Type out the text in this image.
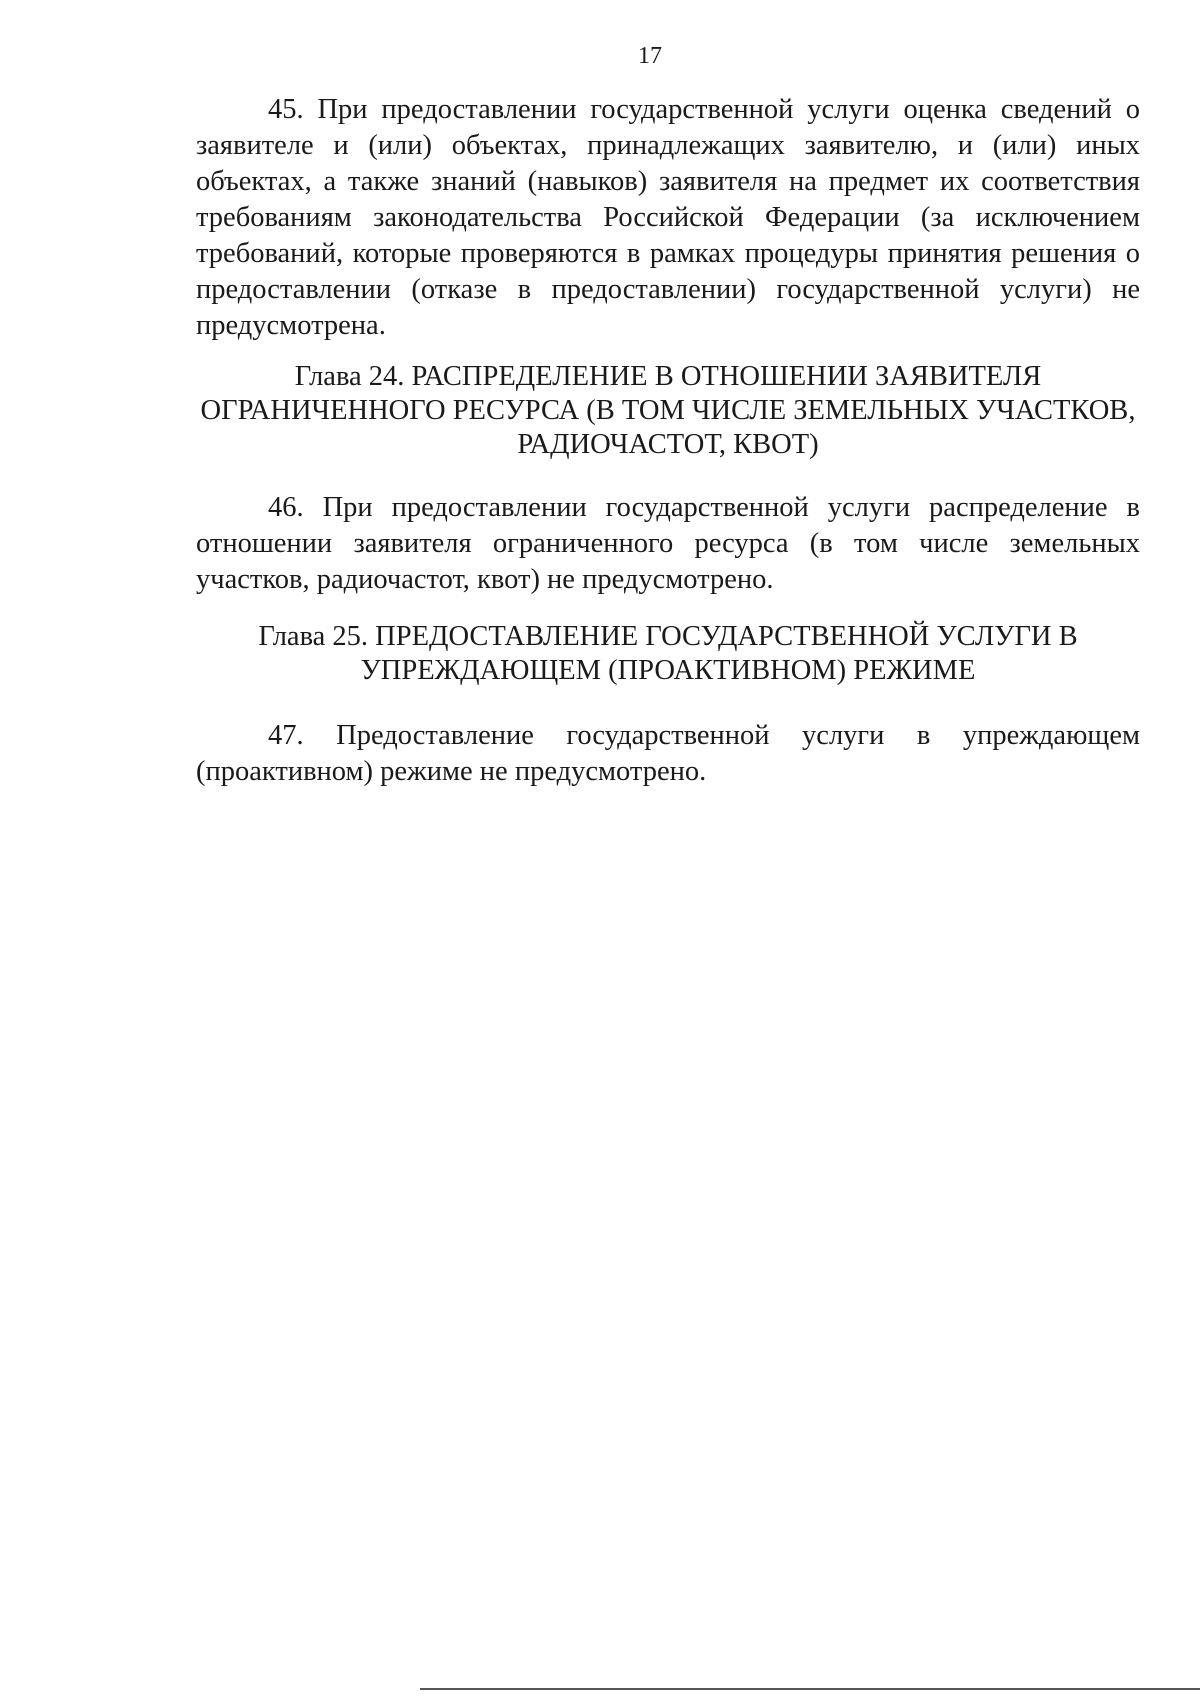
17

45. При предоставлении государственной услуги оценка сведений о заявителе и (или) объектах, принадлежащих заявителю, и (или) иных объектах, а также знаний (навыков) заявителя на предмет их соответствия требованиям законодательства Российской Федерации (за исключением требований, которые проверяются в рамках процедуры принятия решения о предоставлении (отказе в предоставлении) государственной услуги) не предусмотрена.

Глава 24. РАСПРЕДЕЛЕНИЕ В ОТНОШЕНИИ ЗАЯВИТЕЛЯ
ОГРАНИЧЕННОГО РЕСУРСА (В ТОМ ЧИСЛЕ ЗЕМЕЛЬНЫХ УЧАСТКОВ,
РАДИОЧАСТОТ, КВОТ)

46. При предоставлении государственной услуги распределение в отношении заявителя ограниченного ресурса (в том числе земельных участков, радиочастот, квот) не предусмотрено.

Глава 25. ПРЕДОСТАВЛЕНИЕ ГОСУДАРСТВЕННОЙ УСЛУГИ В
УПРЕЖДАЮЩЕМ (ПРОАКТИВНОМ) РЕЖИМЕ

47. Предоставление государственной услуги в упреждающем (проактивном) режиме не предусмотрено.
